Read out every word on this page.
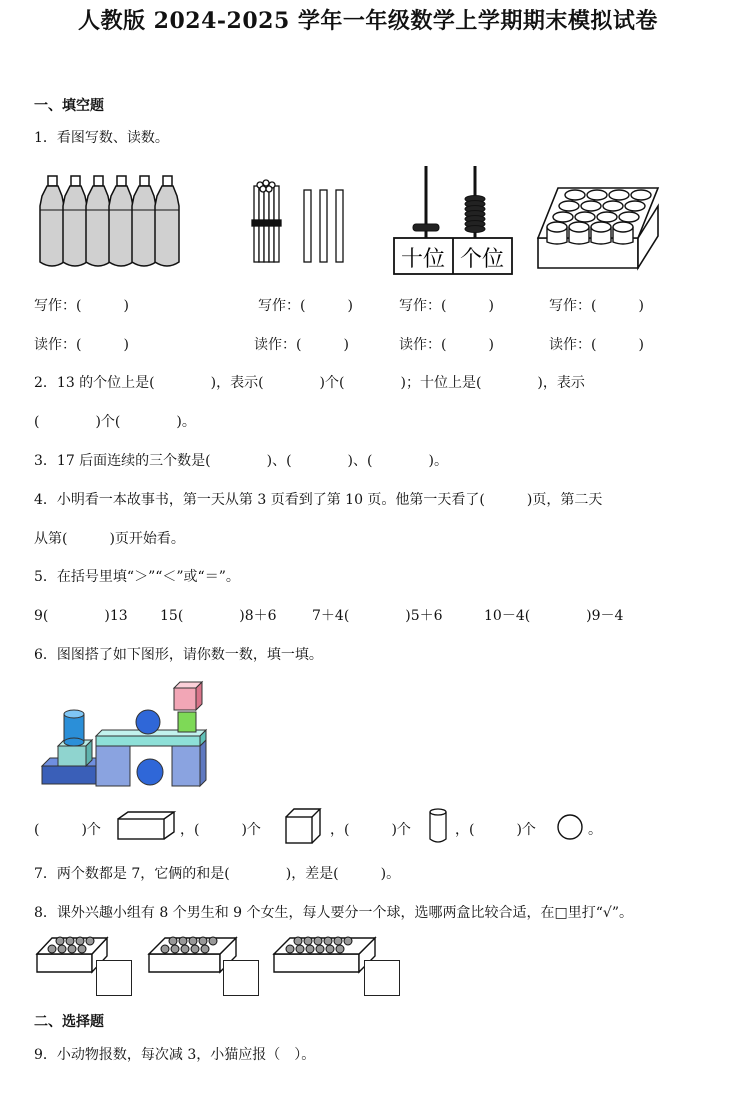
人教版 2024-2025 学年一年级数学上学期期末模拟试卷
一、填空题
1．看图写数、读数。
十位 个位
写作：(　　　)	写作：(　　　)	写作：(　　　)	写作：(　　　)
读作：(　　　)	读作：(　　　)	读作：(　　　)	读作：(　　　)
2．13 的个位上是(　　　　)，表示(　　　　)个(　　　　)；十位上是(　　　　)，表示
(　　　　)个(　　　　)。
3．17 后面连续的三个数是(　　　　)、(　　　　)、(　　　　)。
4．小明看一本故事书，第一天从第 3 页看到了第 10 页。他第一天看了(　　　)页，第二天
从第(　　　)页开始看。
5．在括号里填“＞”“＜”或“＝”。
9(　　　　)13 15(　　　　)8＋6	7＋4(　　　　)5＋6	10－4(　　　　)9－4
6．图图搭了如下图形，请你数一数，填一填。
(　　　)个	，(　　　)个	，(　　　)个	，(　　　)个	。
7．两个数都是 7，它俩的和是(　　　　)，差是(　　　)。
8．课外兴趣小组有 8 个男生和 9 个女生，每人要分一个球，选哪两盒比较合适，在□里打“√”。
二、选择题
9．小动物报数，每次减 3，小猫应报（　）。
